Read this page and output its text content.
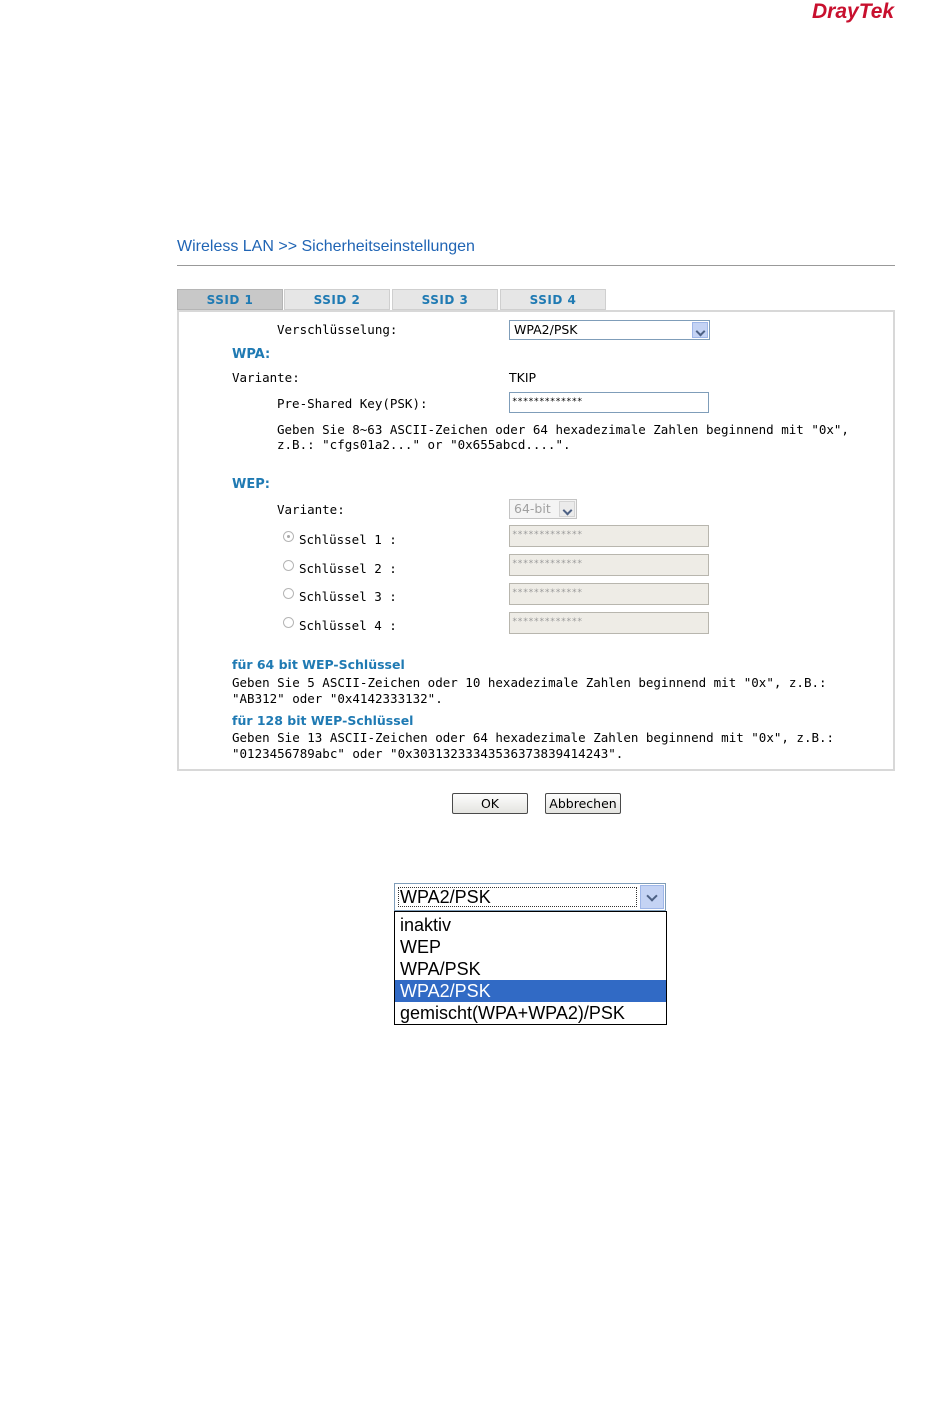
DrayTek
Wireless LAN >> Sicherheitseinstellungen
SSID 1	SSID 2	SSID 3	SSID 4
Verschlüsselung:	WPA2/PSK
WPA:
Variante:	TKIP
Pre-Shared Key(PSK):	*************
Geben Sie 8~63 ASCII-Zeichen oder 64 hexadezimale Zahlen beginnend mit "0x",
z.B.: "cfgs01a2..." or "0x655abcd....".
WEP:
Variante:	64-bit
Schlüssel 1 :	*************
Schlüssel 2 :	*************
Schlüssel 3 :	*************
Schlüssel 4 :	*************
für 64 bit WEP-Schlüssel
Geben Sie 5 ASCII-Zeichen oder 10 hexadezimale Zahlen beginnend mit "0x", z.B.:
"AB312" oder "0x4142333132".
für 128 bit WEP-Schlüssel
Geben Sie 13 ASCII-Zeichen oder 64 hexadezimale Zahlen beginnend mit "0x", z.B.:
"0123456789abc" oder "0x30313233343536373839414243".
OK	Abbrechen
WPA2/PSK
inaktiv
WEP
WPA/PSK
WPA2/PSK
gemischt(WPA+WPA2)/PSK
